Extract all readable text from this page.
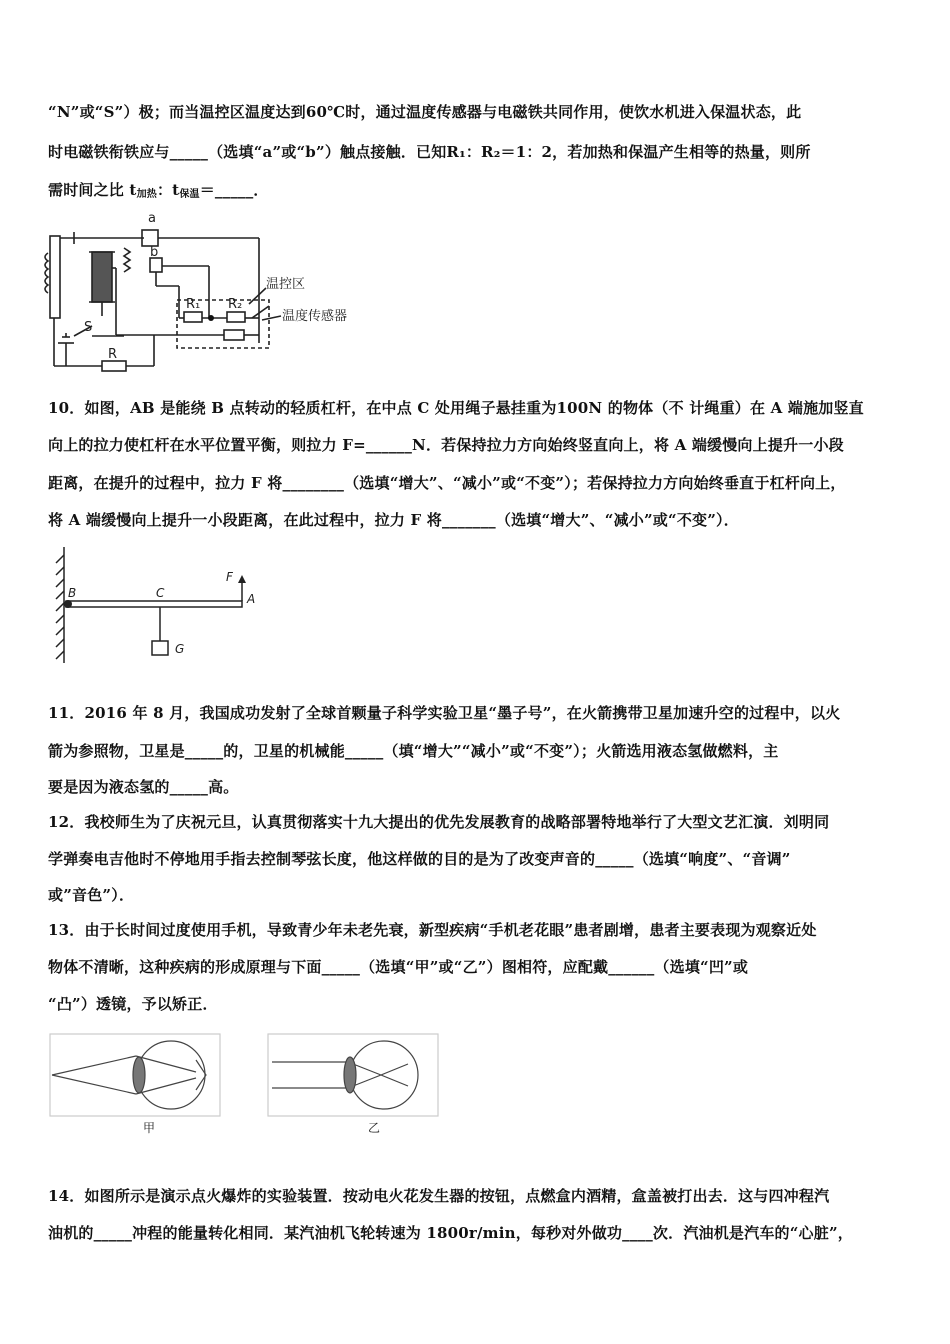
“N”或“S”）极；而当温控区温度达到60℃时，通过温度传感器与电磁铁共同作用，使饮水机进入保温状态，此
时电磁铁衔铁应与_____（选填“a”或“b”）触点接触．已知R₁：R₂＝1：2，若加热和保温产生相等的热量，则所
需时间之比 $t_{加热}$：$t_{保温}=\_\_\_\_\_$．
a
b
S
R
R₁ R₂
温控区
温度传感器
10．如图，AB 是能绕 B 点转动的轻质杠杆，在中点 C 处用绳子悬挂重为100N 的物体（不 计绳重）在 A 端施加竖直
向上的拉力使杠杆在水平位置平衡，则拉力 F=______N．若保持拉力方向始终竖直向上，将 A 端缓慢向上提升一小段
距离，在提升的过程中，拉力 F 将________（选填“增大”、“减小”或“不变”）；若保持拉力方向始终垂直于杠杆向上，
将 A 端缓慢向上提升一小段距离，在此过程中，拉力 F 将_______（选填“增大”、“减小”或“不变”）．
B	C	A
F
G
11．2016 年 8 月，我国成功发射了全球首颗量子科学实验卫星“墨子号”，在火箭携带卫星加速升空的过程中，以火
箭为参照物，卫星是_____的，卫星的机械能_____（填“增大”“减小”或“不变”）；火箭选用液态氢做燃料，主
要是因为液态氢的_____高。
12．我校师生为了庆祝元旦，认真贯彻落实十九大提出的优先发展教育的战略部署特地举行了大型文艺汇演．刘明同
学弹奏电吉他时不停地用手指去控制琴弦长度，他这样做的目的是为了改变声音的_____（选填“响度”、“音调”
或”音色”）．
13．由于长时间过度使用手机，导致青少年未老先衰，新型疾病“手机老花眼”患者剧增，患者主要表现为观察近处
物体不清晰，这种疾病的形成原理与下面_____（选填“甲”或“乙”）图相符，应配戴______（选填“凹”或
“凸”）透镜，予以矫正．
甲	乙
14．如图所示是演示点火爆炸的实验装置．按动电火花发生器的按钮，点燃盒内酒精，盒盖被打出去．这与四冲程汽
油机的_____冲程的能量转化相同．某汽油机飞轮转速为 1800r/min，每秒对外做功____次．汽油机是汽车的“心脏”，
